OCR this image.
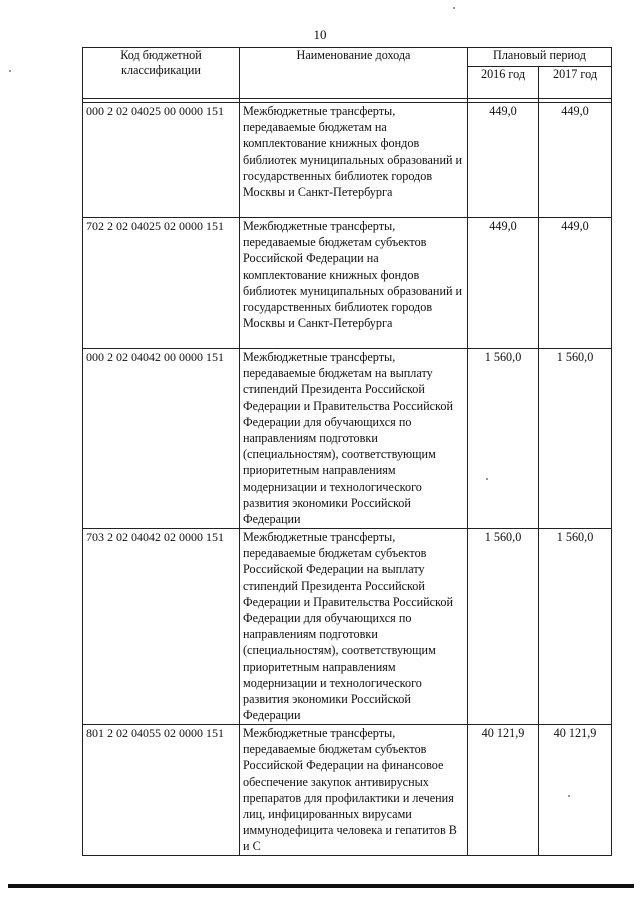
10
Код бюджетной классификации	Наименование дохода	Плановый период	
		2016 год	2017 год

000 2 02 04025 00 0000 151	Межбюджетные трансферты, передаваемые бюджетам на комплектование книжных фондов библиотек муниципальных образований и государственных библиотек городов Москвы и Санкт-Петербурга	449,0	449,0
702 2 02 04025 02 0000 151	Межбюджетные трансферты, передаваемые бюджетам субъектов Российской Федерации на комплектование книжных фондов библиотек муниципальных образований и государственных библиотек городов Москвы и Санкт-Петербурга	449,0	449,0
000 2 02 04042 00 0000 151	Межбюджетные трансферты, передаваемые бюджетам на выплату стипендий Президента Российской Федерации и Правительства Российской Федерации для обучающихся по направлениям подготовки (специальностям), соответствующим приоритетным направлениям модернизации и технологического развития экономики Российской Федерации	1 560,0	1 560,0
703 2 02 04042 02 0000 151	Межбюджетные трансферты, передаваемые бюджетам субъектов Российской Федерации на выплату стипендий Президента Российской Федерации и Правительства Российской Федерации для обучающихся по направлениям подготовки (специальностям), соответствующим приоритетным направлениям модернизации и технологического развития экономики Российской Федерации	1 560,0	1 560,0
801 2 02 04055 02 0000 151	Межбюджетные трансферты, передаваемые бюджетам субъектов Российской Федерации на финансовое обеспечение закупок антивирусных препаратов для профилактики и лечения лиц, инфицированных вирусами иммунодефицита человека и гепатитов В и С	40 121,9	40 121,9
